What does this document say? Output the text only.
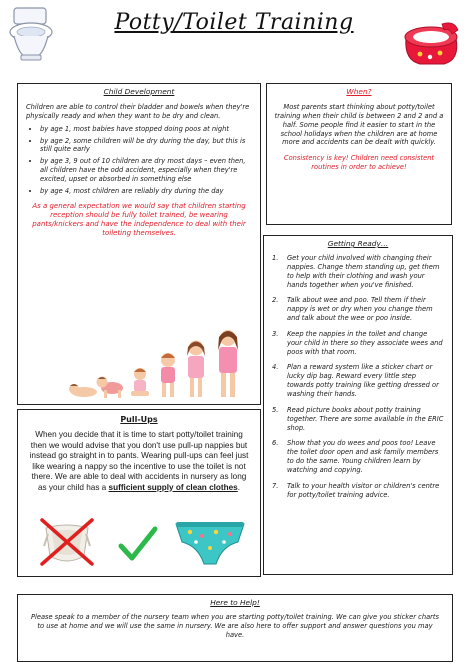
Potty/Toilet Training
Child Development

Children are able to control their bladder and bowels when they're physically ready and when they want to be dry and clean.

• by age 1, most babies have stopped doing poos at night
• by age 2, some children will be dry during the day, but this is still quite early
• by age 3, 9 out of 10 children are dry most days – even then, all children have the odd accident, especially when they're excited, upset or absorbed in something else
• by age 4, most children are reliably dry during the day

As a general expectation we would say that children starting reception should be fully toilet trained, be wearing pants/knickers and have the independence to deal with their toileting themselves.

When?

Most parents start thinking about potty/toilet training when their child is between 2 and 2 and a half. Some people find it easier to start in the school holidays when the children are at home more and accidents can be dealt with quickly.

Consistency is key! Children need consistent routines in order to achieve!

Getting Ready…
1.	Get your child involved with changing their nappies. Change them standing up, get them to help with their clothing and wash your hands together when you've finished.
2.	Talk about wee and poo. Tell them if their nappy is wet or dry when you change them and talk about the wee or poo inside.
3.	Keep the nappies in the toilet and change your child in there so they associate wees and poos with that room.
4.	Plan a reward system like a sticker chart or lucky dip bag. Reward every little step towards potty training like getting dressed or washing their hands.
5.	Read picture books about potty training together. There are some available in the ERIC shop.
6.	Show that you do wees and poos too! Leave the toilet door open and ask family members to do the same. Young children learn by watching and copying.
7.	Talk to your health visitor or children's centre for potty/toilet training advice.
Pull-Ups

When you decide that it is time to start potty/toilet training then we would advise that you don't use pull-up nappies but instead go straight in to pants. Wearing pull-ups can feel just like wearing a nappy so the incentive to use the toilet is not there. We are able to deal with accidents in nursery as long as your child has a sufficient supply of clean clothes.

Here to Help!

Please speak to a member of the nursery team when you are starting potty/toilet training. We can give you sticker charts to use at home and we will use the same in nursery. We are also here to offer support and answer questions you may have.
